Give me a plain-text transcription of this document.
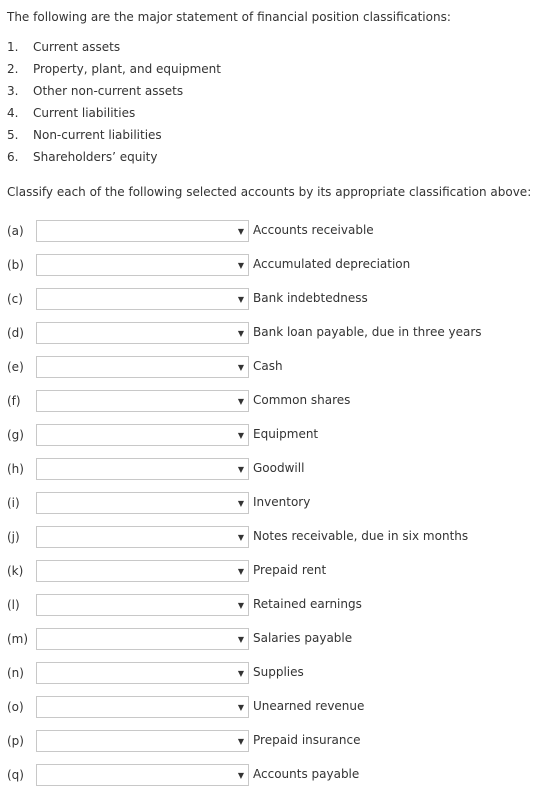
The following are the major statement of financial position classifications:

1.	Current assets
2.	Property, plant, and equipment
3.	Other non-current assets
4.	Current liabilities
5.	Non-current liabilities
6.	Shareholders’ equity

Classify each of the following selected accounts by its appropriate classification above:

(a)	▼ Accounts receivable
(b)	▼ Accumulated depreciation
(c)	▼ Bank indebtedness
(d)	▼ Bank loan payable, due in three years
(e)	▼ Cash
(f)	▼ Common shares
(g)	▼ Equipment
(h)	▼ Goodwill
(i)	▼ Inventory
(j)	▼ Notes receivable, due in six months
(k)	▼ Prepaid rent
(l)	▼ Retained earnings
(m)	▼ Salaries payable
(n)	▼ Supplies
(o)	▼ Unearned revenue
(p)	▼ Prepaid insurance
(q)	▼ Accounts payable
